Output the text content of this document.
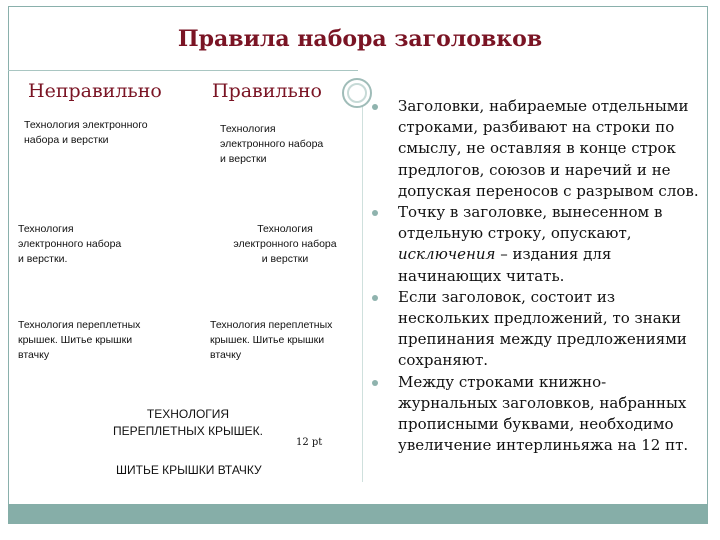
Правила набора заголовков
Неправильно	Правильно
Технология электронного
набора и верстки
Технология
электронного набора
и верстки.
Технология переплетных
крышек. Шитье крышки
втачку
Технология
электронного набора
и верстки
Технология
электронного набора
и верстки
Технология переплетных
крышек. Шитье крышки
втачку
ТЕХНОЛОГИЯ
ПЕРЕПЛЕТНЫХ КРЫШЕК.
12 pt
ШИТЬЕ КРЫШКИ ВТАЧКУ
Заголовки, набираемые отдельными строками, разбивают на строки по смыслу, не оставляя в конце строк предлогов, союзов и наречий и не допуская переносов с разрывом слов.
Точку в заголовке, вынесенном в отдельную строку, опускают, исключения – издания для начинающих читать.
Если заголовок, состоит из нескольких предложений, то знаки препинания между предложениями сохраняют.
Между строками книжно-журнальных заголовков, набранных прописными буквами, необходимо увеличение интерлиньяжа на 12 пт.
